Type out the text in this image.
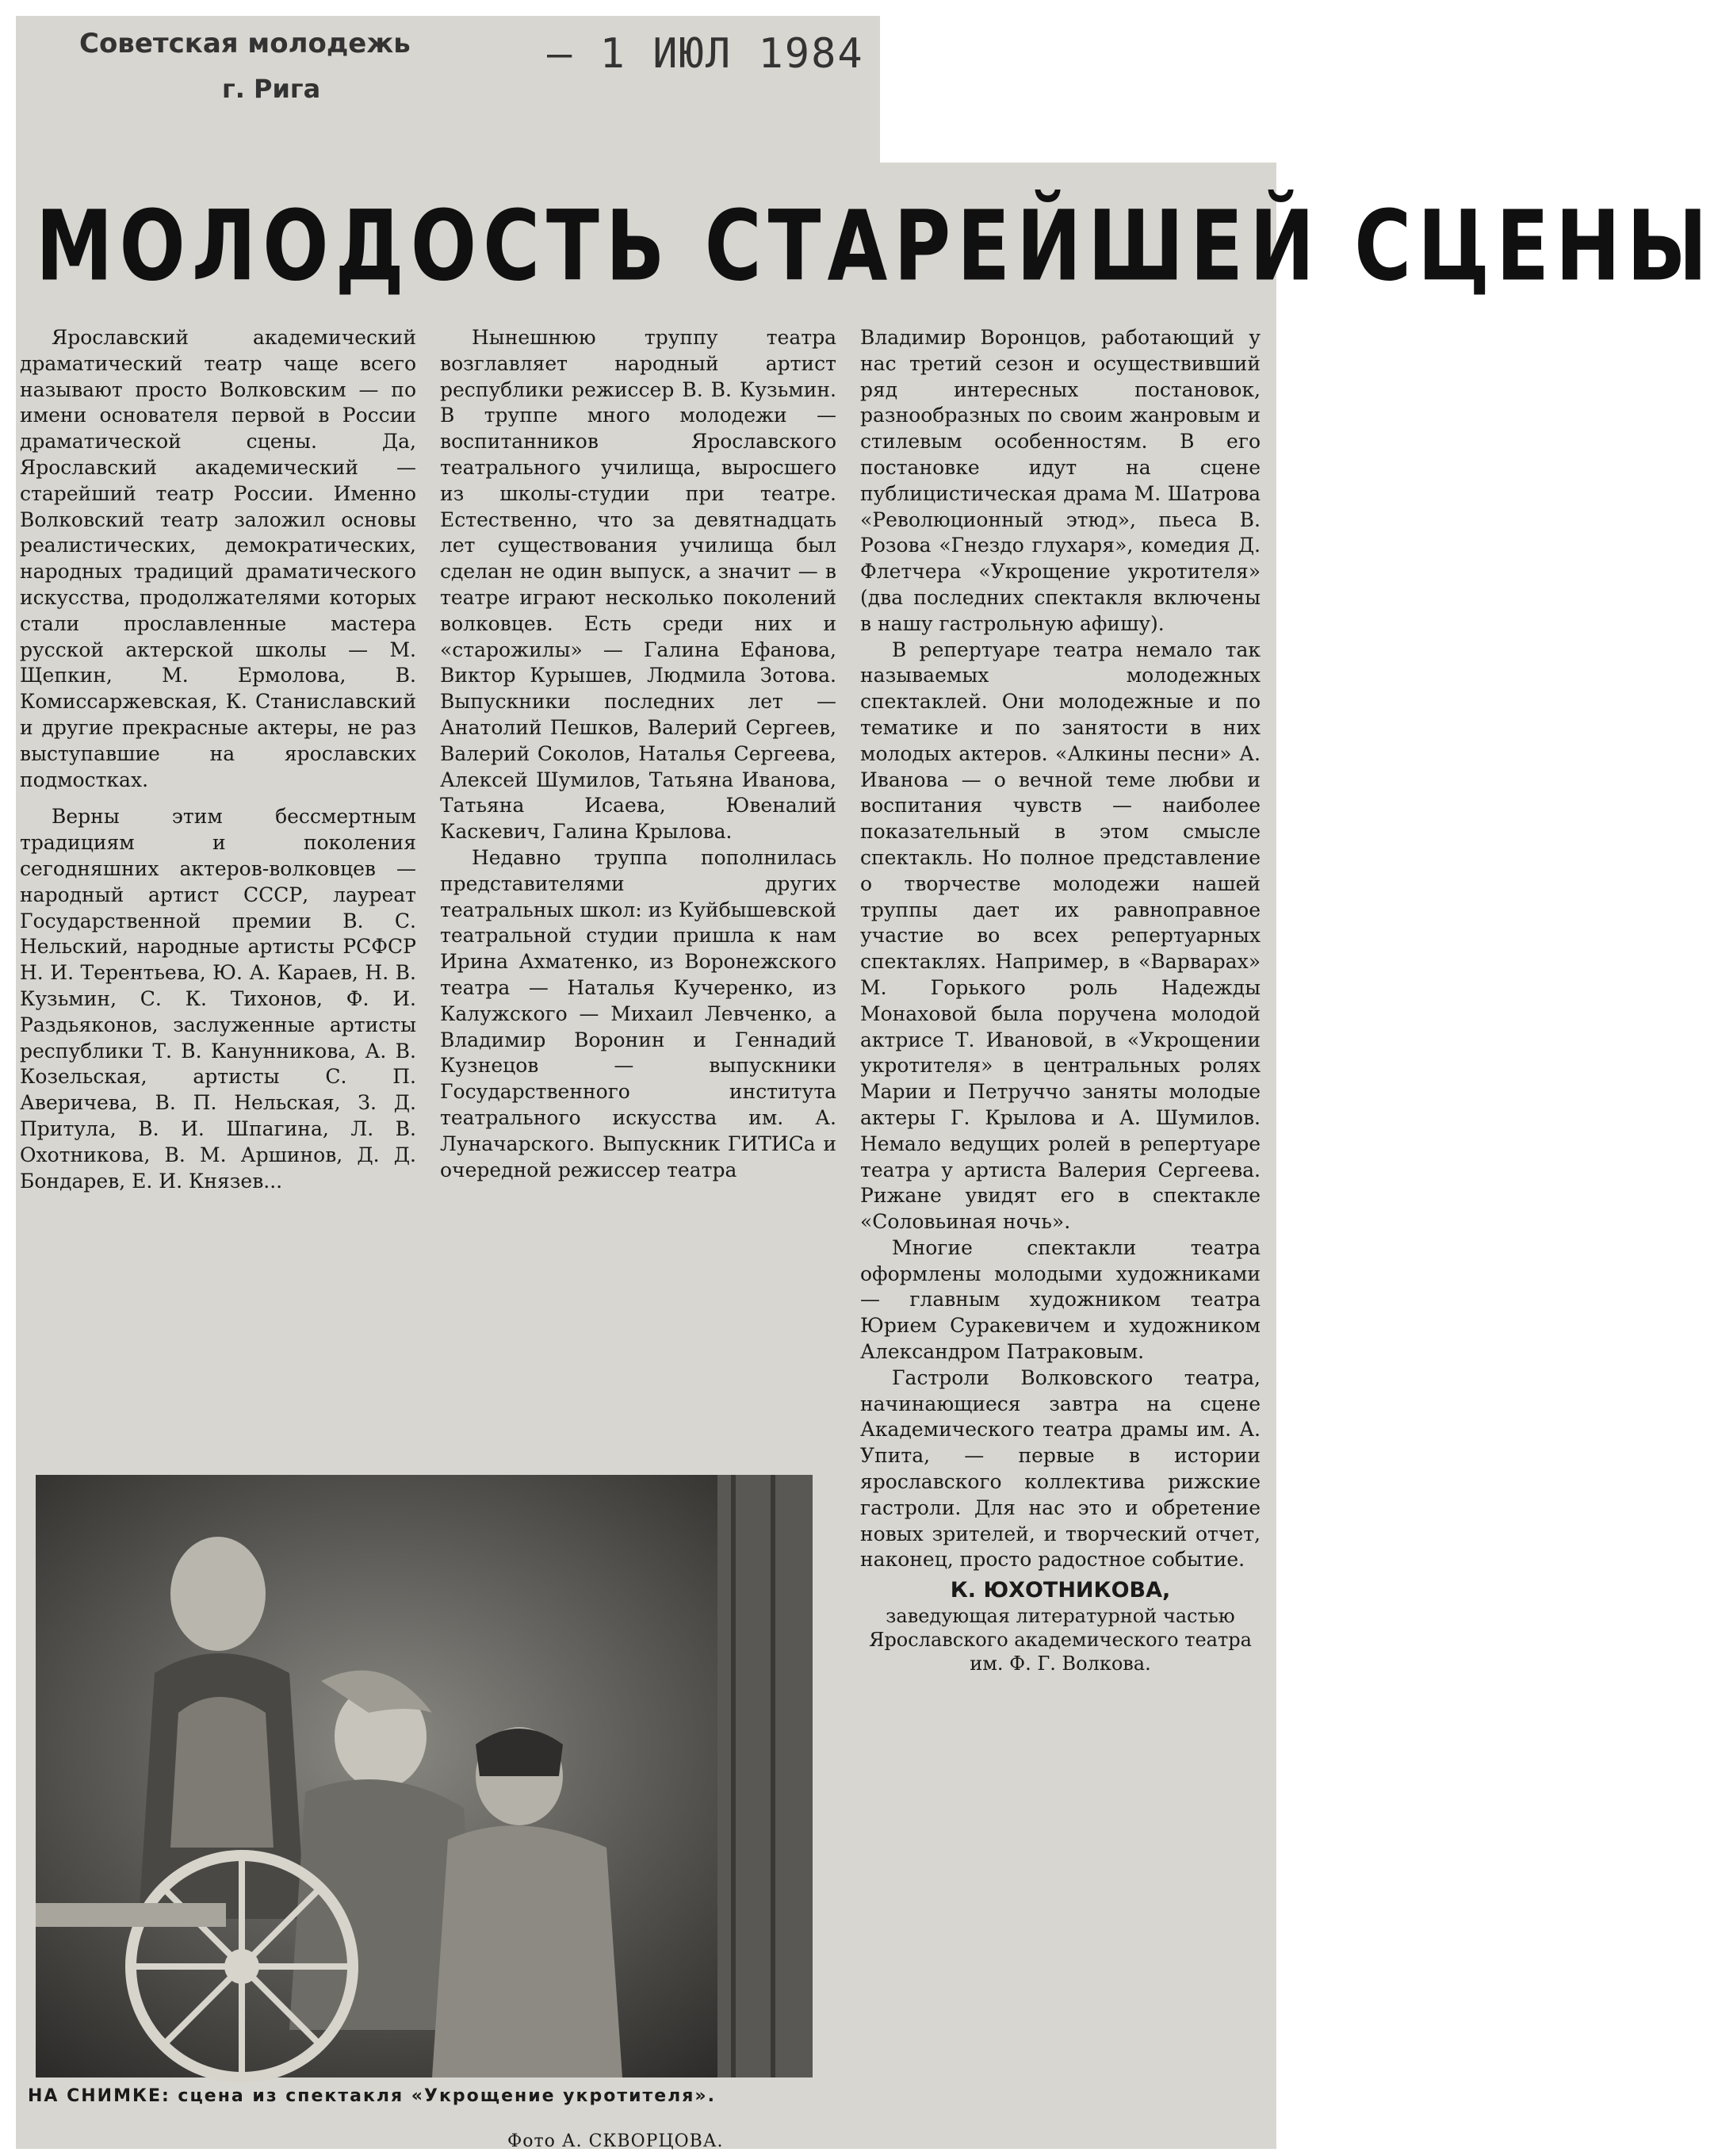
Советская молодежь
г. Рига
— 1 ИЮЛ 1984
МОЛОДОСТЬ СТАРЕЙШЕЙ СЦЕНЫ

Ярославский академический драматический театр чаще всего называют просто Волковским — по имени основателя первой в России драматической сцены. Да, Ярославский академический — старейший театр России. Именно Волковский театр заложил основы реалистических, демократических, народных традиций драматического искусства, продолжателями которых стали прославленные мастера русской актерской школы — М. Щепкин, М. Ермолова, В. Комиссаржевская, К. Станиславский и другие прекрасные актеры, не раз выступавшие на ярославских подмостках.

Верны этим бессмертным традициям и поколения сегодняшних актеров-волковцев — народный артист СССР, лауреат Государственной премии В. С. Нельский, народные артисты РСФСР Н. И. Терентьева, Ю. А. Караев, Н. В. Кузьмин, С. К. Тихонов, Ф. И. Раздьяконов, заслуженные артисты республики Т. В. Канунникова, А. В. Козельская, артисты С. П. Аверичева, В. П. Нельская, З. Д. Притула, В. И. Шпагина, Л. В. Охотникова, В. М. Аршинов, Д. Д. Бондарев, Е. И. Князев...

Нынешнюю труппу театра возглавляет народный артист республики режиссер В. В. Кузьмин. В труппе много молодежи — воспитанников Ярославского театрального училища, выросшего из школы-студии при театре. Естественно, что за девятнадцать лет существования училища был сделан не один выпуск, а значит — в театре играют несколько поколений волковцев. Есть среди них и «старожилы» — Галина Ефанова, Виктор Курышев, Людмила Зотова. Выпускники последних лет — Анатолий Пешков, Валерий Сергеев, Валерий Соколов, Наталья Сергеева, Алексей Шумилов, Татьяна Иванова, Татьяна Исаева, Ювеналий Каскевич, Галина Крылова.

Недавно труппа пополнилась представителями других театральных школ: из Куйбышевской театральной студии пришла к нам Ирина Ахматенко, из Воронежского театра — Наталья Кучеренко, из Калужского — Михаил Левченко, а Владимир Воронин и Геннадий Кузнецов — выпускники Государственного института театрального искусства им. А. Луначарского. Выпускник ГИТИСа и очередной режиссер театра

Владимир Воронцов, работающий у нас третий сезон и осуществивший ряд интересных постановок, разнообразных по своим жанровым и стилевым особенностям. В его постановке идут на сцене публицистическая драма М. Шатрова «Революционный этюд», пьеса В. Розова «Гнездо глухаря», комедия Д. Флетчера «Укрощение укротителя» (два последних спектакля включены в нашу гастрольную афишу).

В репертуаре театра немало так называемых молодежных спектаклей. Они молодежные и по тематике и по занятости в них молодых актеров. «Алкины песни» А. Иванова — о вечной теме любви и воспитания чувств — наиболее показательный в этом смысле спектакль. Но полное представление о творчестве молодежи нашей труппы дает их равноправное участие во всех репертуарных спектаклях. Например, в «Варварах» М. Горького роль Надежды Монаховой была поручена молодой актрисе Т. Ивановой, в «Укрощении укротителя» в центральных ролях Марии и Петруччо заняты молодые актеры Г. Крылова и А. Шумилов. Немало ведущих ролей в репертуаре театра у артиста Валерия Сергеева. Рижане увидят его в спектакле «Соловьиная ночь».

Многие спектакли театра оформлены молодыми художниками — главным художником театра Юрием Суракевичем и художником Александром Патраковым.

Гастроли Волковского театра, начинающиеся завтра на сцене Академического театра драмы им. А. Упита, — первые в истории ярославского коллектива рижские гастроли. Для нас это и обретение новых зрителей, и творческий отчет, наконец, просто радостное событие.

К. ЮХОТНИКОВА,
заведующая литературной частью Ярославского академического театра им. Ф. Г. Волкова.
НА СНИМКЕ: сцена из спектакля «Укрощение укротителя».
Фото А. СКВОРЦОВА.
